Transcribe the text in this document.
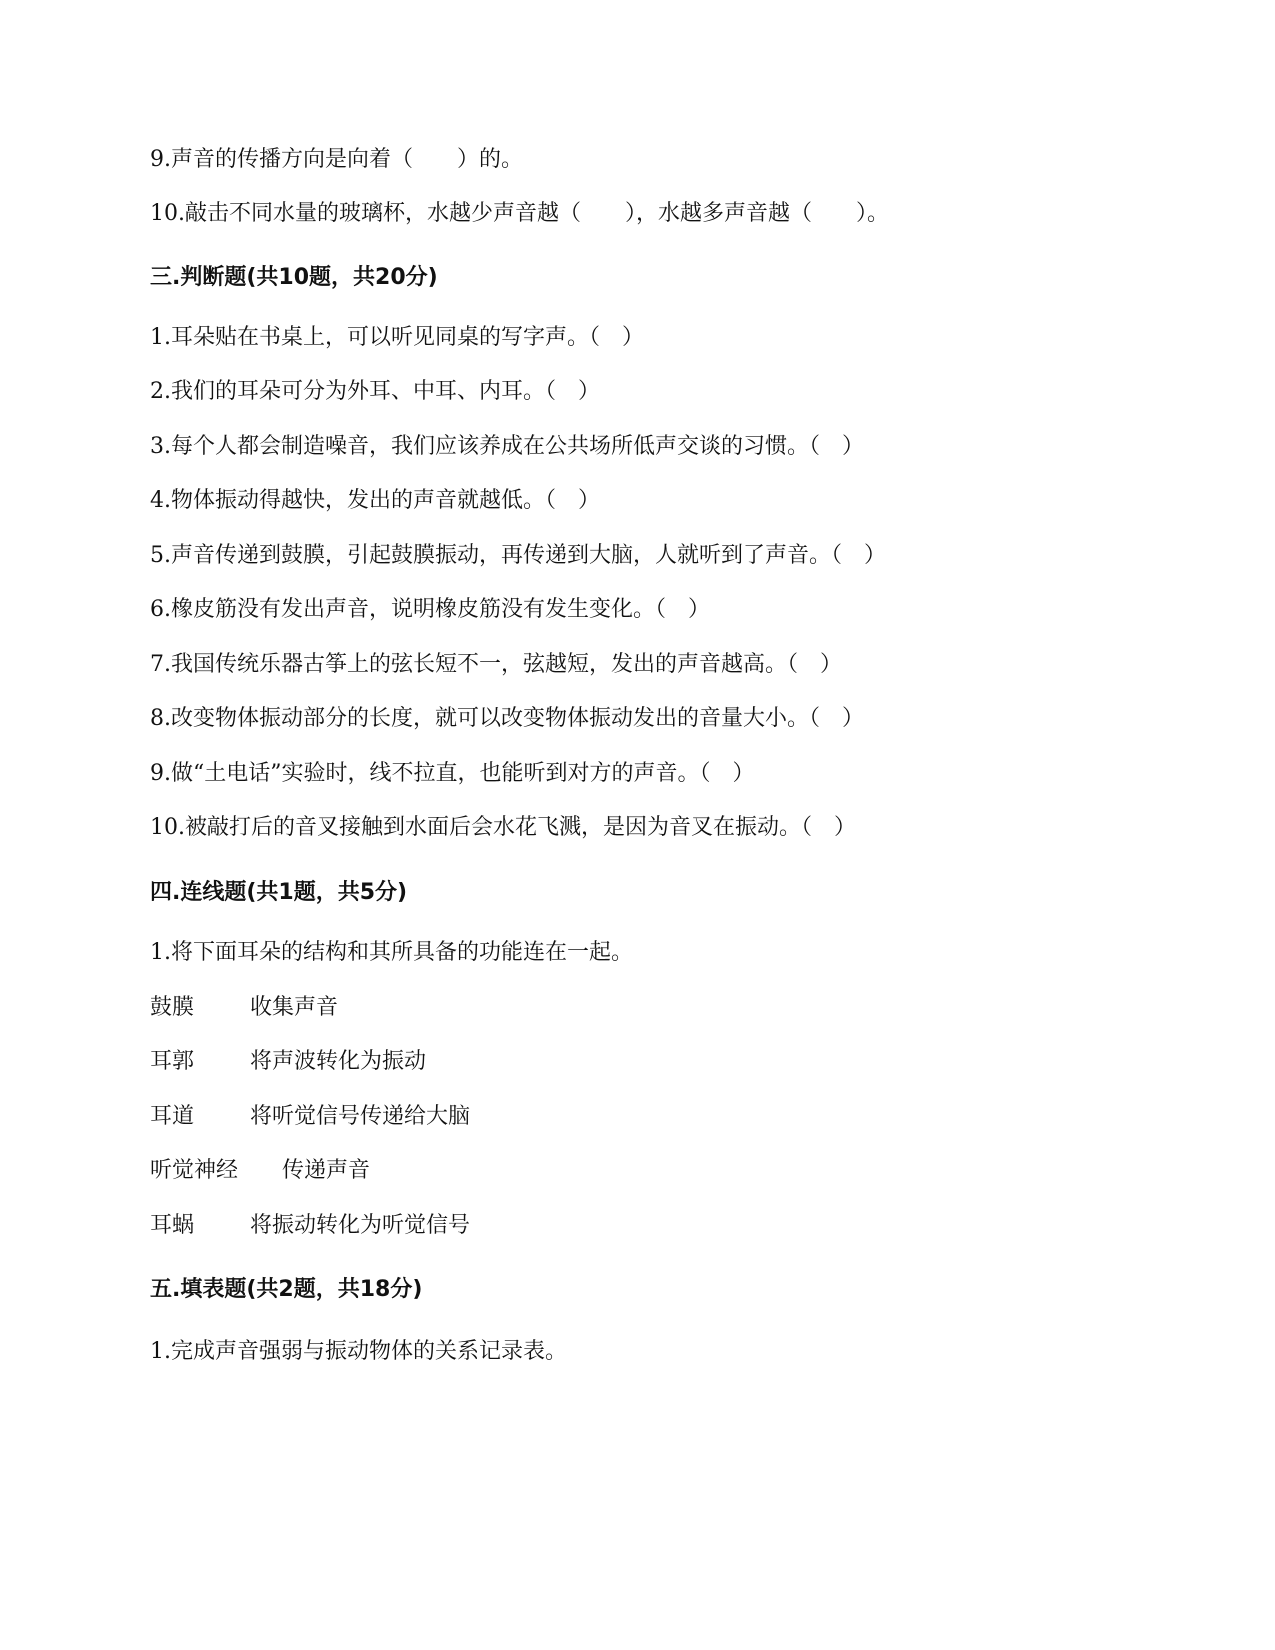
9.声音的传播方向是向着（　　）的。

10.敲击不同水量的玻璃杯，水越少声音越（　　），水越多声音越（　　）。

三.判断题(共10题，共20分)

1.耳朵贴在书桌上，可以听见同桌的写字声。（　）

2.我们的耳朵可分为外耳、中耳、内耳。（　）

3.每个人都会制造噪音，我们应该养成在公共场所低声交谈的习惯。（　）

4.物体振动得越快，发出的声音就越低。（　）

5.声音传递到鼓膜，引起鼓膜振动，再传递到大脑，人就听到了声音。（　）

6.橡皮筋没有发出声音，说明橡皮筋没有发生变化。（　）

7.我国传统乐器古筝上的弦长短不一，弦越短，发出的声音越高。（　）

8.改变物体振动部分的长度，就可以改变物体振动发出的音量大小。（　）

9.做“土电话”实验时，线不拉直，也能听到对方的声音。（　）

10.被敲打后的音叉接触到水面后会水花飞溅，是因为音叉在振动。（　）

四.连线题(共1题，共5分)

1.将下面耳朵的结构和其所具备的功能连在一起。

鼓膜	收集声音
耳郭	将声波转化为振动
耳道	将听觉信号传递给大脑
听觉神经	传递声音
耳蜗	将振动转化为听觉信号

五.填表题(共2题，共18分)

1.完成声音强弱与振动物体的关系记录表。
